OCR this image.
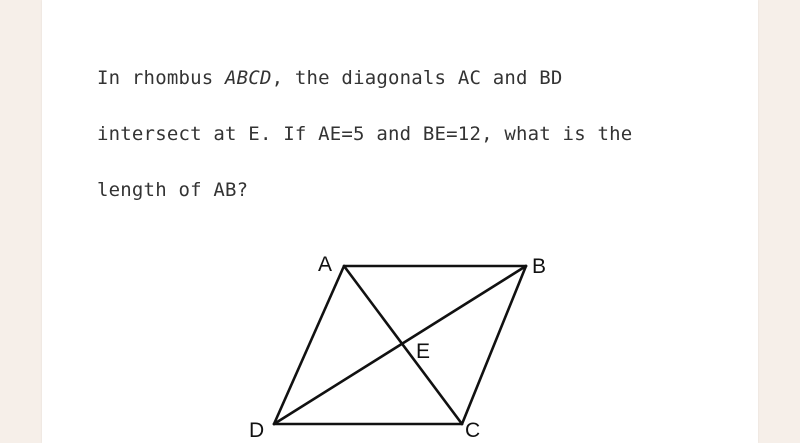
In rhombus ABCD, the diagonals AC and BD
intersect at E. If AE=5 and BE=12, what is the
length of AB?
A	B
C
D
E
